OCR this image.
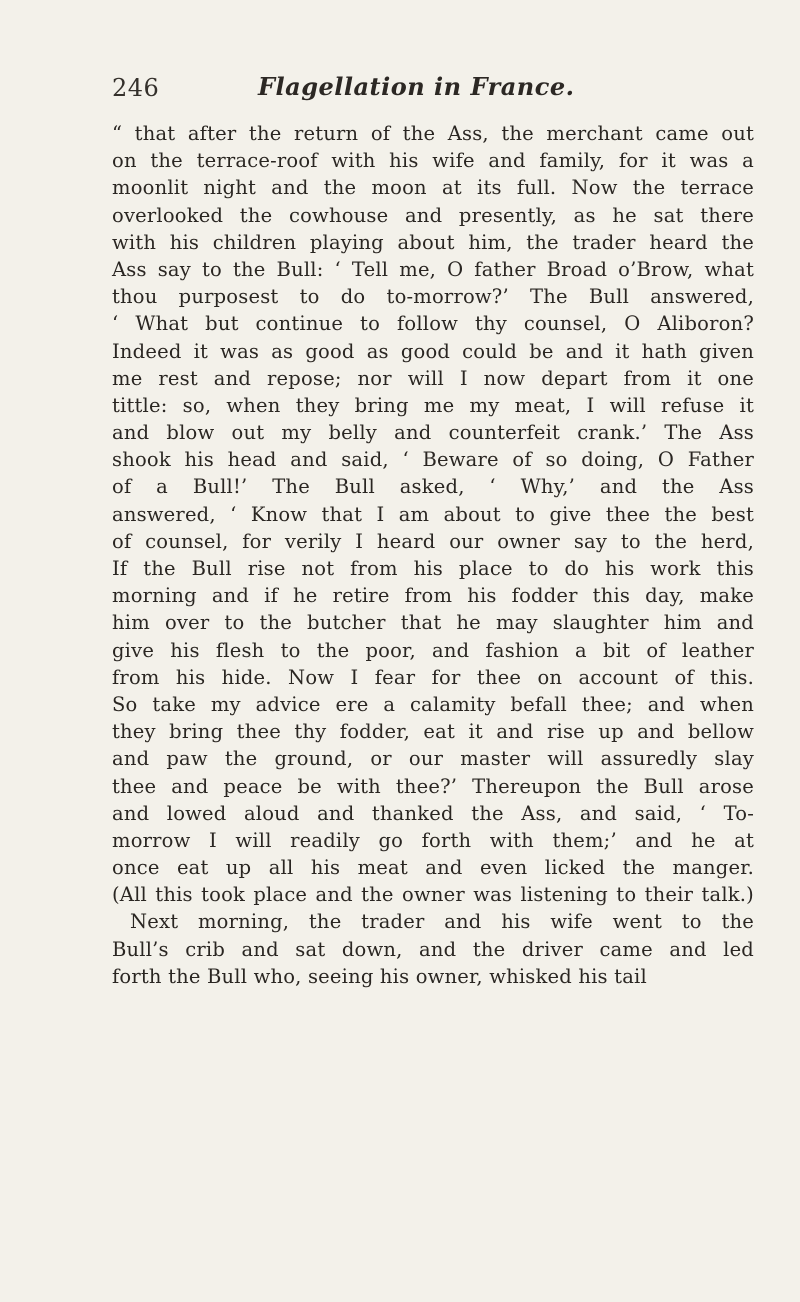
246	Flagellation in France.
“ that after the return of the Ass, the merchant came out
on the terrace-roof with his wife and family, for it was a
moonlit night and the moon at its full. Now the terrace
overlooked the cowhouse and presently, as he sat there
with his children playing about him, the trader heard the
Ass say to the Bull: ‘ Tell me, O father Broad o’Brow, what
thou purposest to do to-morrow?’ The Bull answered,
‘ What but continue to follow thy counsel, O Aliboron?
Indeed it was as good as good could be and it hath given
me rest and repose; nor will I now depart from it one
tittle: so, when they bring me my meat, I will refuse it
and blow out my belly and counterfeit crank.’ The Ass
shook his head and said, ‘ Beware of so doing, O Father
of a Bull!’ The Bull asked, ‘ Why,’ and the Ass
answered, ‘ Know that I am about to give thee the best
of counsel, for verily I heard our owner say to the herd,
If the Bull rise not from his place to do his work this
morning and if he retire from his fodder this day, make
him over to the butcher that he may slaughter him and
give his flesh to the poor, and fashion a bit of leather
from his hide. Now I fear for thee on account of this.
So take my advice ere a calamity befall thee; and when
they bring thee thy fodder, eat it and rise up and bellow
and paw the ground, or our master will assuredly slay
thee and peace be with thee?’ Thereupon the Bull arose
and lowed aloud and thanked the Ass, and said, ‘ To-
morrow I will readily go forth with them;’ and he at
once eat up all his meat and even licked the manger.
(All this took place and the owner was listening to their talk.)
Next morning, the trader and his wife went to the
Bull’s crib and sat down, and the driver came and led
forth the Bull who, seeing his owner, whisked his tail
